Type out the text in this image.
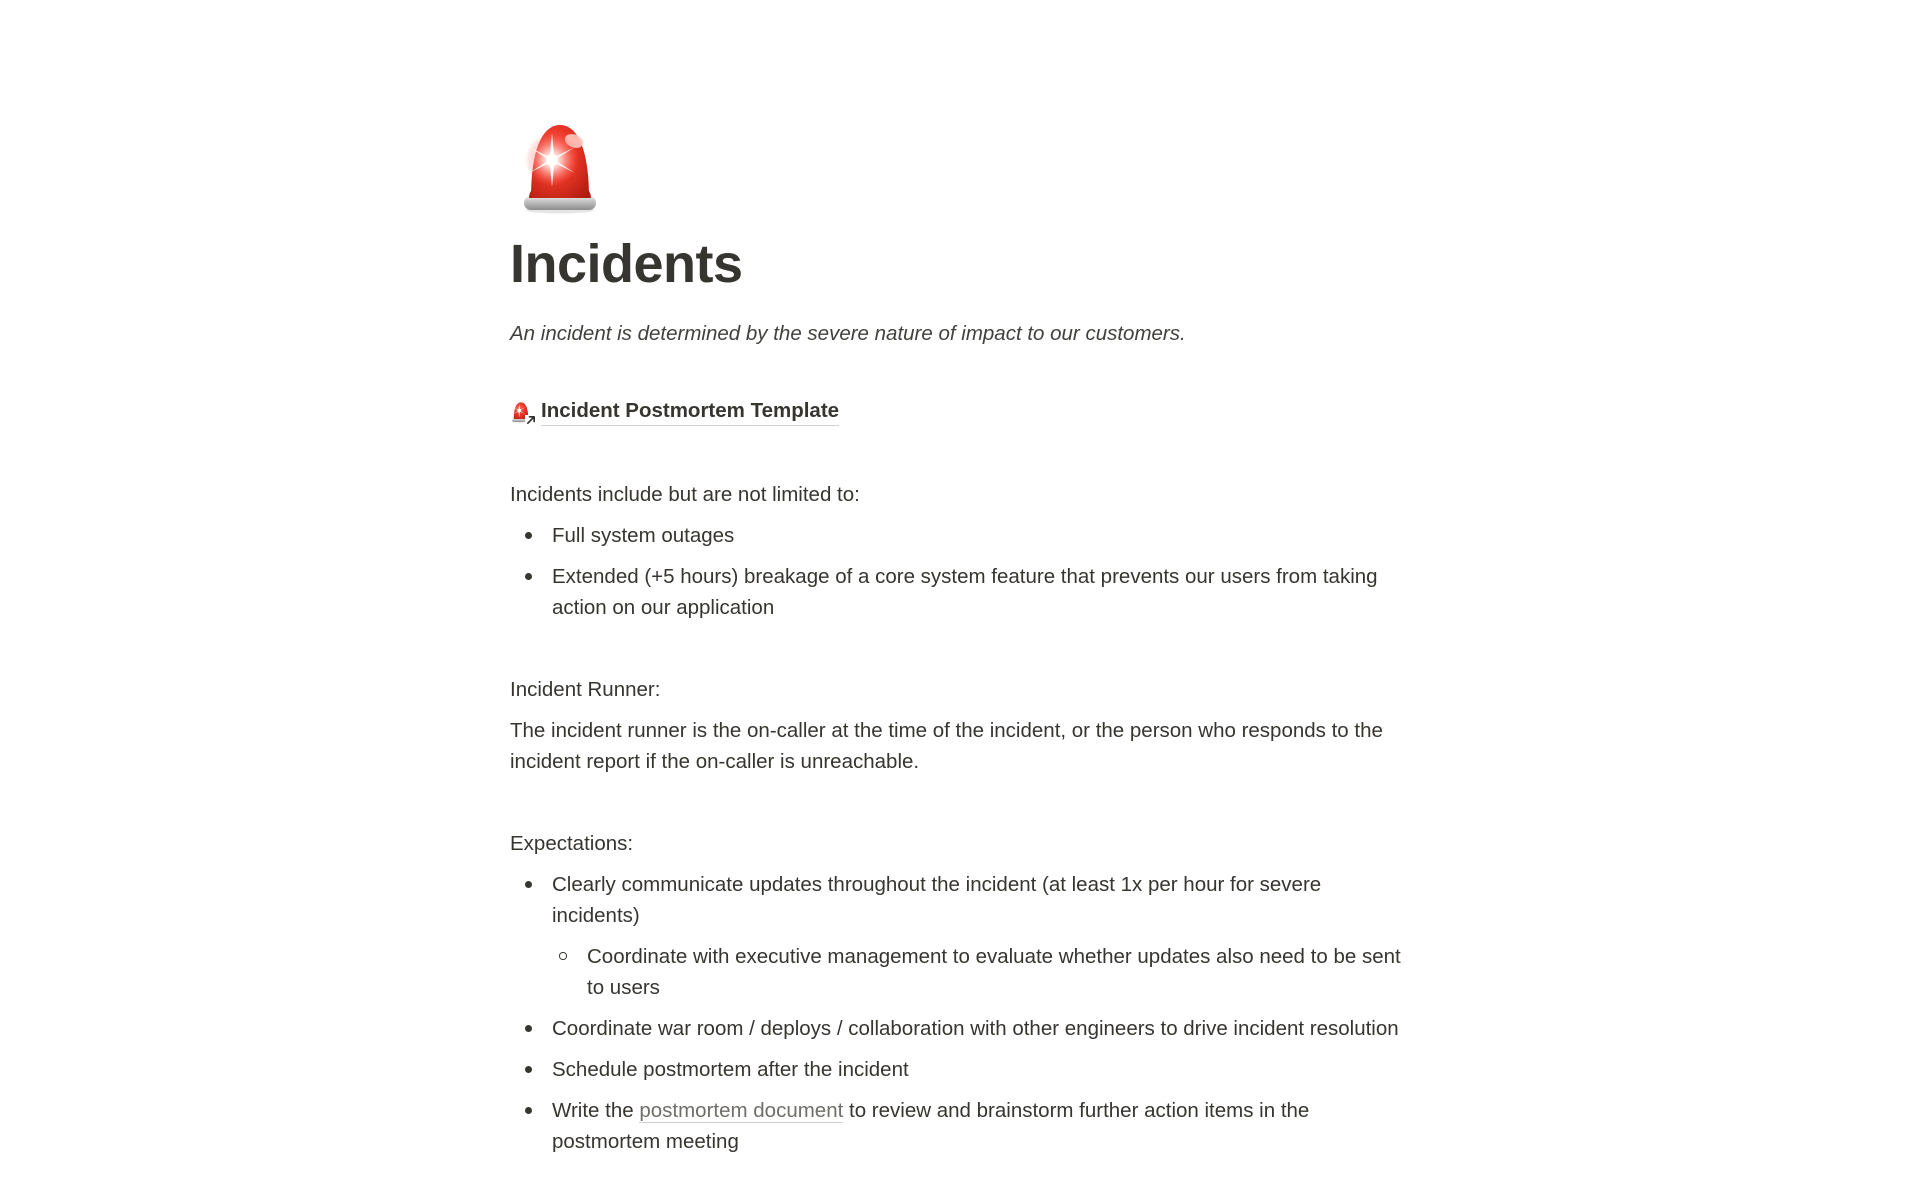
Incidents

An incident is determined by the severe nature of impact to our customers.

Incident Postmortem Template

Incidents include but are not limited to:

Full system outages
Extended (+5 hours) breakage of a core system feature that prevents our users from taking action on our application

Incident Runner:

The incident runner is the on-caller at the time of the incident, or the person who responds to the incident report if the on-caller is unreachable.

Expectations:

Clearly communicate updates throughout the incident (at least 1x per hour for severe incidents)
Coordinate with executive management to evaluate whether updates also need to be sent to users
Coordinate war room / deploys / collaboration with other engineers to drive incident resolution
Schedule postmortem after the incident
Write the postmortem document to review and brainstorm further action items in the postmortem meeting
